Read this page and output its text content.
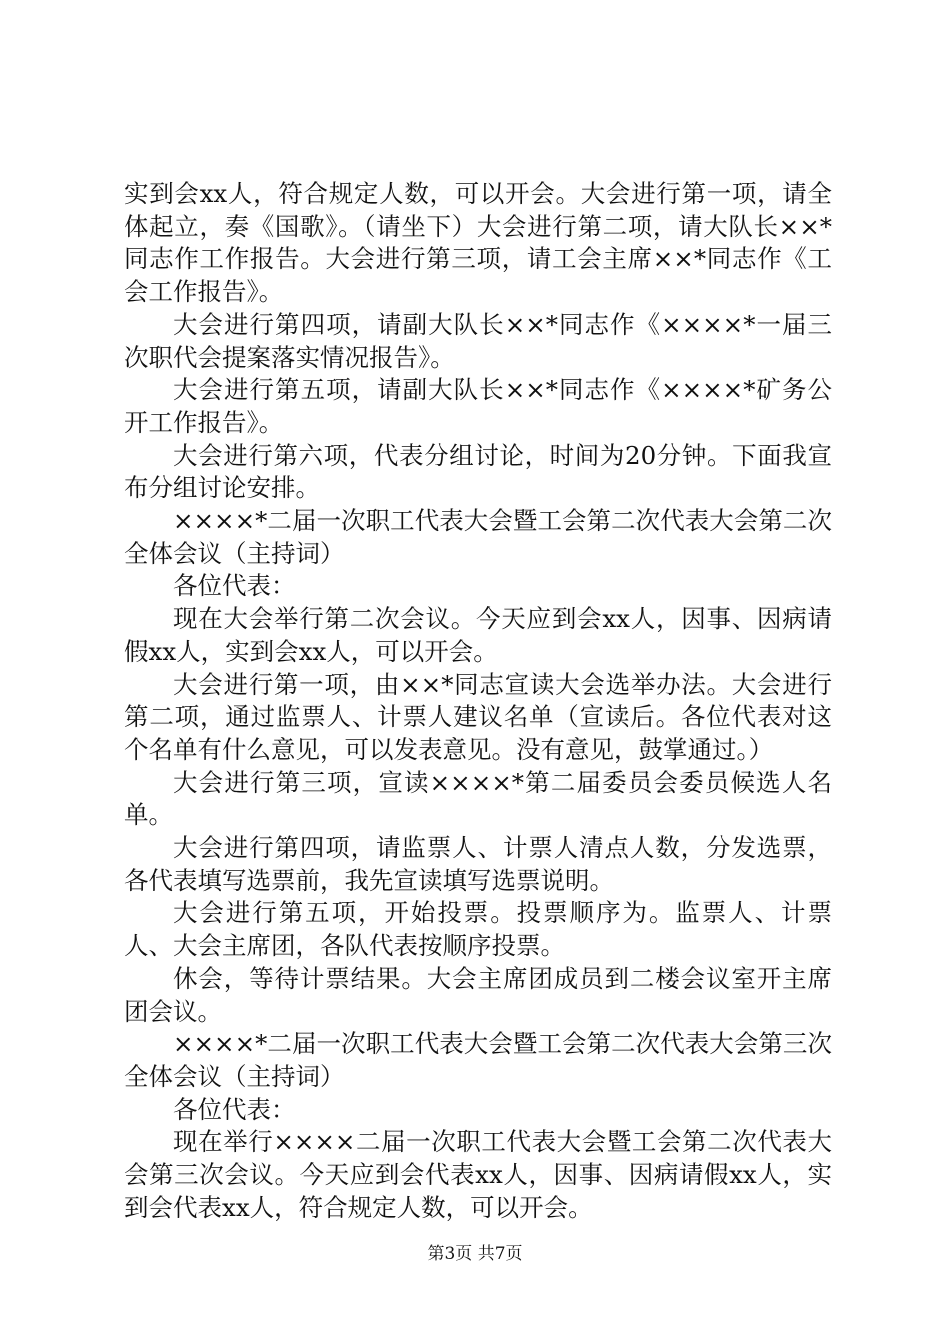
实到会xx人，符合规定人数，可以开会。大会进行第一项，请全体起立，奏《国歌》。（请坐下）大会进行第二项，请大队长××*同志作工作报告。大会进行第三项，请工会主席××*同志作《工会工作报告》。

大会进行第四项，请副大队长××*同志作《××××*一届三次职代会提案落实情况报告》。

大会进行第五项，请副大队长××*同志作《××××*矿务公开工作报告》。

大会进行第六项，代表分组讨论，时间为20分钟。下面我宣布分组讨论安排。

××××*二届一次职工代表大会暨工会第二次代表大会第二次全体会议（主持词）

各位代表：

现在大会举行第二次会议。今天应到会xx人，因事、因病请假xx人，实到会xx人，可以开会。

大会进行第一项，由××*同志宣读大会选举办法。大会进行第二项，通过监票人、计票人建议名单（宣读后。各位代表对这个名单有什么意见，可以发表意见。没有意见，鼓掌通过。）

大会进行第三项，宣读××××*第二届委员会委员候选人名单。

大会进行第四项，请监票人、计票人清点人数，分发选票，各代表填写选票前，我先宣读填写选票说明。

大会进行第五项，开始投票。投票顺序为。监票人、计票人、大会主席团，各队代表按顺序投票。

休会，等待计票结果。大会主席团成员到二楼会议室开主席团会议。

××××*二届一次职工代表大会暨工会第二次代表大会第三次全体会议（主持词）

各位代表：

现在举行××××二届一次职工代表大会暨工会第二次代表大会第三次会议。今天应到会代表xx人，因事、因病请假xx人，实到会代表xx人，符合规定人数，可以开会。

第3页 共7页
